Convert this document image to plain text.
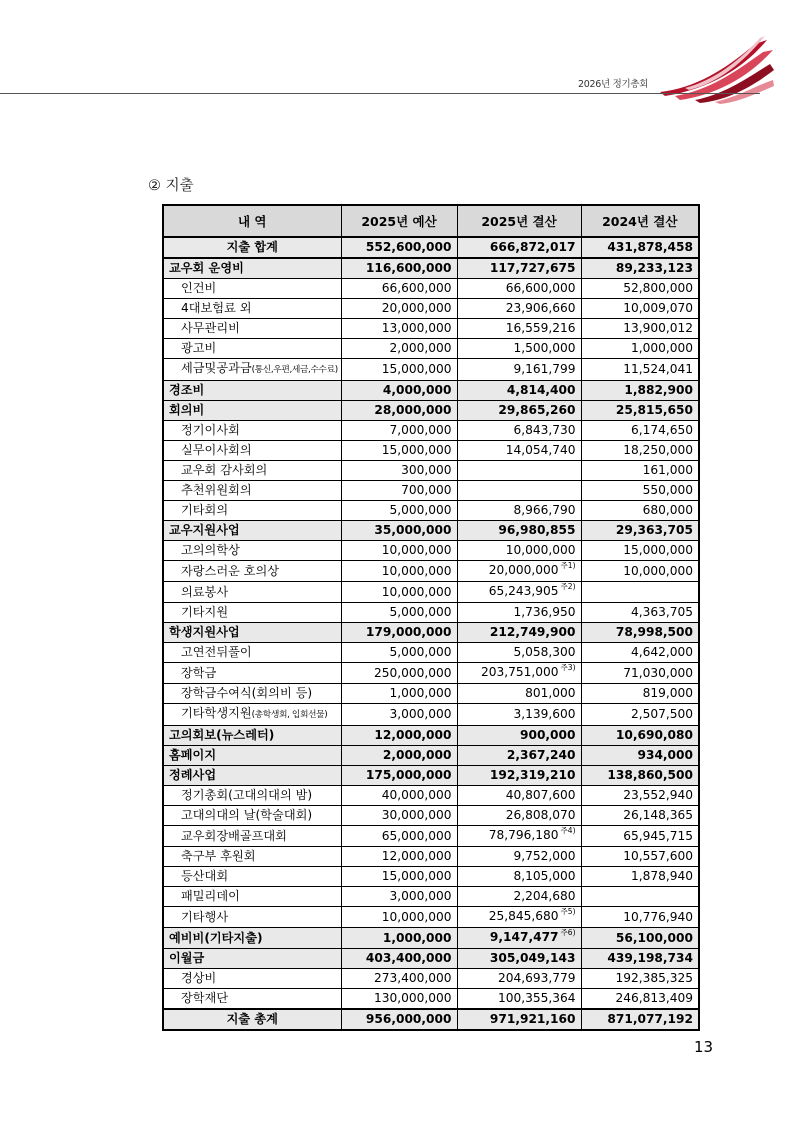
2026년 정기총회
② 지출
내 역	2025년 예산	2025년 결산	2024년 결산
지출 합계	552,600,000	666,872,017	431,878,458
교우회 운영비	116,600,000	117,727,675	89,233,123
인건비	66,600,000	66,600,000	52,800,000
4대보험료 외	20,000,000	23,906,660	10,009,070
사무관리비	13,000,000	16,559,216	13,900,012
광고비	2,000,000	1,500,000	1,000,000
세금및공과금(통신,우편,세금,수수료)	15,000,000	9,161,799	11,524,041
경조비	4,000,000	4,814,400	1,882,900
회의비	28,000,000	29,865,260	25,815,650
정기이사회	7,000,000	6,843,730	6,174,650
실무이사회의	15,000,000	14,054,740	18,250,000
교우회 감사회의	300,000		161,000
추천위원회의	700,000		550,000
기타회의	5,000,000	8,966,790	680,000
교우지원사업	35,000,000	96,980,855	29,363,705
고의의학상	10,000,000	10,000,000	15,000,000
자랑스러운 호의상	10,000,000	20,000,000 $^{주1)}$	10,000,000
의료봉사	10,000,000	65,243,905 $^{주2)}$	
기타지원	5,000,000	1,736,950	4,363,705
학생지원사업	179,000,000	212,749,900	78,998,500
고연전뒤풀이	5,000,000	5,058,300	4,642,000
장학금	250,000,000	203,751,000 $^{주3)}$	71,030,000
장학금수여식(회의비 등)	1,000,000	801,000	819,000
기타학생지원(총학생회, 입회선물)	3,000,000	3,139,600	2,507,500
고의회보(뉴스레터)	12,000,000	900,000	10,690,080
홈페이지	2,000,000	2,367,240	934,000
정례사업	175,000,000	192,319,210	138,860,500
정기총회(고대의대의 밤)	40,000,000	40,807,600	23,552,940
고대의대의 날(학술대회)	30,000,000	26,808,070	26,148,365
교우회장배골프대회	65,000,000	78,796,180 $^{주4)}$	65,945,715
축구부 후원회	12,000,000	9,752,000	10,557,600
등산대회	15,000,000	8,105,000	1,878,940
패밀리데이	3,000,000	2,204,680	
기타행사	10,000,000	25,845,680 $^{주5)}$	10,776,940
예비비(기타지출)	1,000,000	9,147,477 $^{주6)}$	56,100,000
이월금	403,400,000	305,049,143	439,198,734
경상비	273,400,000	204,693,779	192,385,325
장학재단	130,000,000	100,355,364	246,813,409
지출 총계	956,000,000	971,921,160	871,077,192
13
